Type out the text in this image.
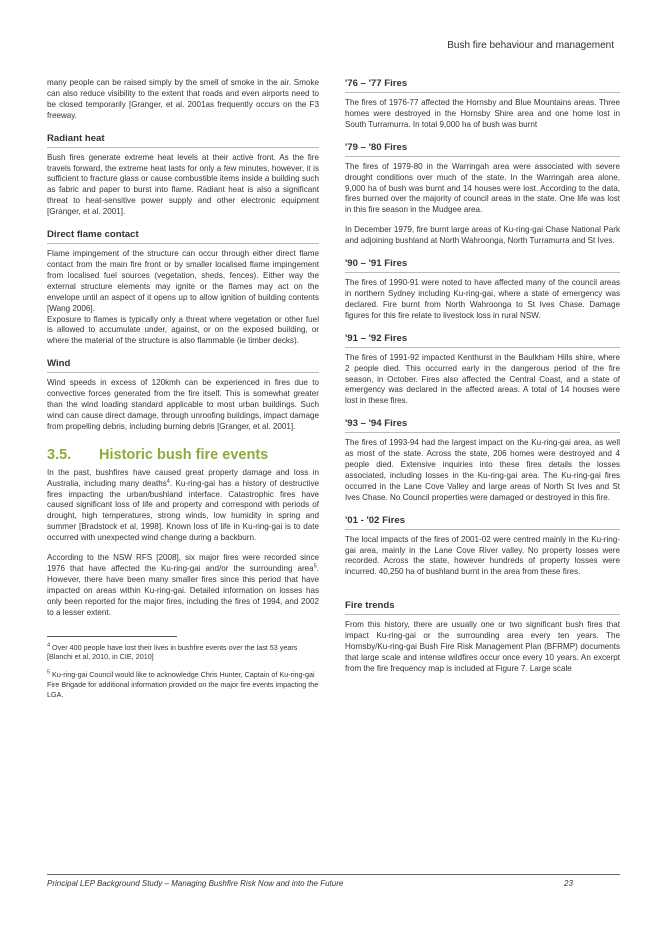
Bush fire behaviour and management

many people can be raised simply by the smell of smoke in the air. Smoke can also reduce visibility to the extent that roads and even airports need to be closed temporarily [Granger, et al. 2001as frequently occurs on the F3 freeway.

Radiant heat

Bush fires generate extreme heat levels at their active front. As the fire travels forward, the extreme heat lasts for only a few minutes, however, it is sufficient to fracture glass or cause combustible items inside a building such as fabric and paper to burst into flame. Radiant heat is also a significant threat to heat-sensitive power supply and other electronic equipment [Granger, et al. 2001].

Direct flame contact

Flame impingement of the structure can occur through either direct flame contact from the main fire front or by smaller localised flame impingement from localised fuel sources (vegetation, sheds, fences). Either way the external structure elements may ignite or the flames may act on the envelope until an aspect of it opens up to allow ignition of building contents [Wang 2006].

Exposure to flames is typically only a threat where vegetation or other fuel is allowed to accumulate under, against, or on the exposed building, or where the material of the structure is also flammable (ie timber decks).

Wind

Wind speeds in excess of 120kmh can be experienced in fires due to convective forces generated from the fire itself. This is somewhat greater than the wind loading standard applicable to most urban buildings. Such wind can cause direct damage, through unroofing buildings, impact damage from propelling debris, including burning debris [Granger, et al. 2001].

3.5. Historic bush fire events

In the past, bushfires have caused great property damage and loss in Australia, including many deaths$^4$. Ku-ring-gai has a history of destructive fires impacting the urban/bushland interface. Catastrophic fires have caused significant loss of life and property and correspond with periods of drought, high temperatures, strong winds, low humidity in spring and summer [Bradstock et al, 1998]. Known loss of life in Ku-ring-gai is to date occurred with unexpected wind change during a backburn.

According to the NSW RFS [2008], six major fires were recorded since 1976 that have affected the Ku-ring-gai and/or the surrounding area$^5$. However, there have been many smaller fires since this period that have impacted on areas within Ku-ring-gai. Detailed information on losses has only been reported for the major fires, including the fires of 1994, and 2002 to a lesser extent.

$^4$ Over 400 people have lost their lives in bushfire events over the last 53 years [Blanchi et al, 2010, in CIE, 2010]

$^5$ Ku-ring-gai Council would like to acknowledge Chris Hunter, Captain of Ku-ring-gai Fire Brigade for additional information provided on the major fire events impacting the LGA.

'76 – '77 Fires

The fires of 1976-77 affected the Hornsby and Blue Mountains areas. Three homes were destroyed in the Hornsby Shire area and one home lost in South Turramurra. In total 9,000 ha of bush was burnt

'79 – '80 Fires

The fires of 1979-80 in the Warringah area were associated with severe drought conditions over much of the state. In the Warringah area alone, 9,000 ha of bush was burnt and 14 houses were lost. According to the data, fires burned over the majority of council areas in the state. One life was lost in this fire season in the Mudgee area.

In December 1979, fire burnt large areas of Ku-ring-gai Chase National Park and adjoining bushland at North Wahroonga, North Turramurra and St Ives.

'90 – '91 Fires

The fires of 1990-91 were noted to have affected many of the council areas in northern Sydney including Ku-ring-gai, where a state of emergency was declared. Fire burnt from North Wahroonga to St Ives Chase. Damage figures for this fire relate to livestock loss in rural NSW.

'91 – '92 Fires

The fires of 1991-92 impacted Kenthurst in the Baulkham Hills shire, where 2 people died. This occurred early in the dangerous period of the fire season, in October. Fires also affected the Central Coast, and a state of emergency was declared in the affected areas. A total of 14 houses were lost in these fires.

'93 – '94 Fires

The fires of 1993-94 had the largest impact on the Ku-ring-gai area, as well as most of the state. Across the state, 206 homes were destroyed and 4 people died. Extensive inquiries into these fires details the losses associated, including losses in the Ku-ring-gai area. The Ku-ring-gai fires occurred in the Lane Cove Valley and large areas of North St Ives and St Ives Chase. No Council properties were damaged or destroyed in this fire.

'01 - '02 Fires

The local impacts of the fires of 2001-02 were centred mainly in the Ku-ring-gai area, mainly in the Lane Cove River valley. No property losses were recorded. Across the state, however hundreds of property losses were incurred. 40,250 ha of bushland burnt in the area from these fires.

Fire trends

From this history, there are usually one or two significant bush fires that impact Ku-ring-gai or the surrounding area every ten years. The Hornsby/Ku-ring-gai Bush Fire Risk Management Plan (BFRMP) documents that large scale and intense wildfires occur once every 10 years. An excerpt from the fire frequency map is included at Figure 7. Large scale

Principal LEP Background Study – Managing Bushfire Risk Now and into the Future	23
